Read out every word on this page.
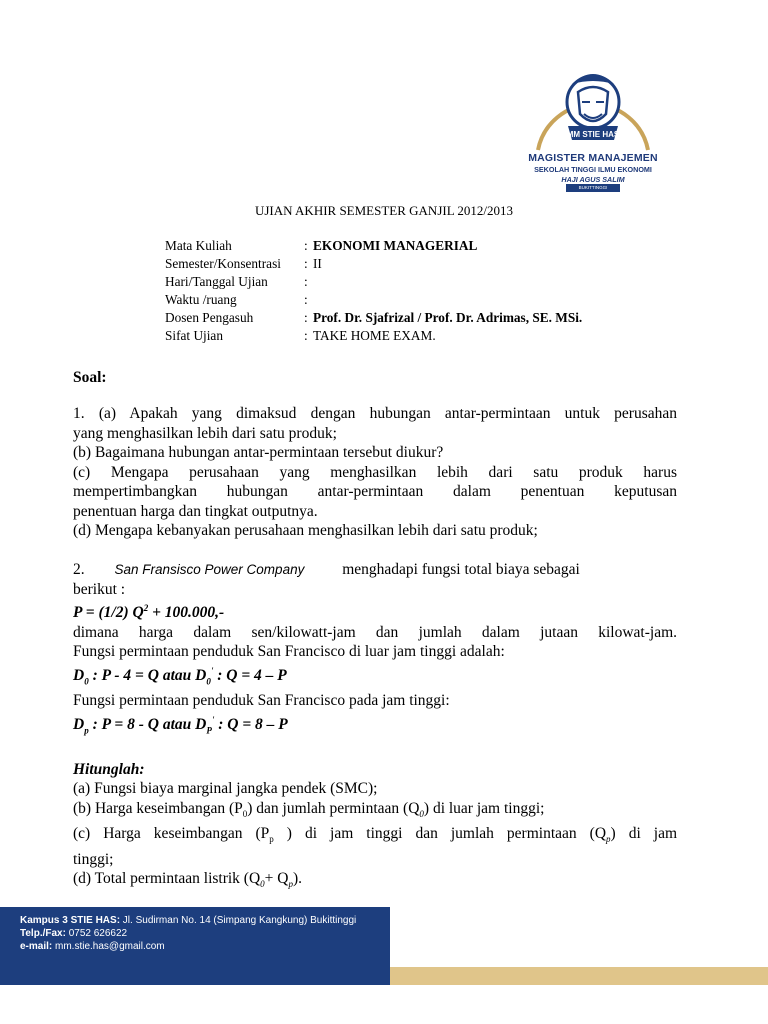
MM STIE HAS
MAGISTER MANAJEMEN
SEKOLAH TINGGI ILMU EKONOMI
HAJI AGUS SALIM
BUKITTINGGI
UJIAN AKHIR SEMESTER GANJIL 2012/2013
Mata Kuliah	: EKONOMI MANAGERIAL
Semester/Konsentrasi : II
Hari/Tanggal Ujian	:
Waktu /ruang	:
Dosen Pengasuh	: Prof. Dr. Sjafrizal / Prof. Dr. Adrimas, SE. MSi.
Sifat Ujian	: TAKE HOME EXAM.
Soal:
1. (a) Apakah yang dimaksud dengan hubungan antar-permintaan untuk perusahan
yang menghasilkan lebih dari satu produk;
(b) Bagaimana hubungan antar-permintaan tersebut diukur?
(c) Mengapa perusahaan yang menghasilkan lebih dari satu produk harus
mempertimbangkan hubungan antar-permintaan dalam penentuan keputusan
penentuan harga dan tingkat outputnya.
(d) Mengapa kebanyakan perusahaan menghasilkan lebih dari satu produk;
2. San Fransisco Power Company menghadapi fungsi total biaya sebagai
berikut :
P = (1/2) $Q^2 + 100.000,-$
dimana harga dalam sen/kilowatt-jam dan jumlah dalam jutaan kilowat-jam.
Fungsi permintaan penduduk San Francisco di luar jam tinggi adalah:
$D_0$ : P - 4 = Q atau $D_0'$ : Q = 4 – P
Fungsi permintaan penduduk San Francisco pada jam tinggi:
$D_p$ : P = 8 - Q atau $D_P'$ : Q = 8 – P
Hitunglah:
(a) Fungsi biaya marginal jangka pendek (SMC);
(b) Harga keseimbangan $(P_0)$ dan jumlah permintaan $(Q_0)$ di luar jam tinggi;
(c) Harga keseimbangan ($P_p$ ) di jam tinggi dan jumlah permintaan $(Q_p)$ di jam
tinggi;
(d) Total permintaan listrik $(Q_0+ Q_p)$.
Kampus 3 STIE HAS: Jl. Sudirman No. 14 (Simpang Kangkung) Bukittinggi
Telp./Fax: 0752 626622
e-mail: mm.stie.has@gmail.com
